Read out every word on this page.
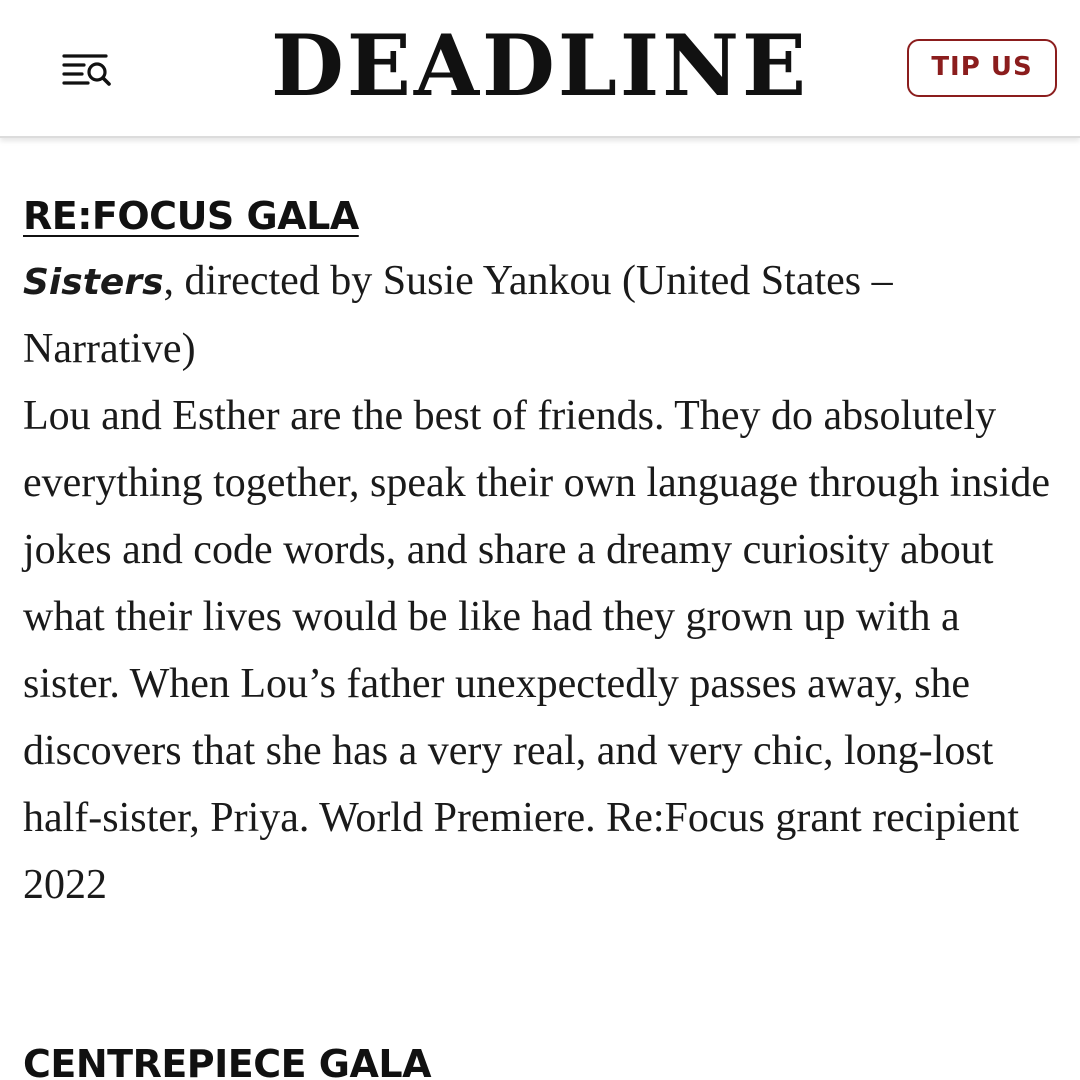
DEADLINE	TIP US
RE:FOCUS GALA

Sisters, directed by Susie Yankou (United States – Narrative)
Lou and Esther are the best of friends. They do absolutely everything together, speak their own language through inside jokes and code words, and share a dreamy curiosity about what their lives would be like had they grown up with a sister. When Lou’s father unexpectedly passes away, she discovers that she has a very real, and very chic, long-lost half-sister, Priya. World Premiere. Re:Focus grant recipient 2022

CENTREPIECE GALA
